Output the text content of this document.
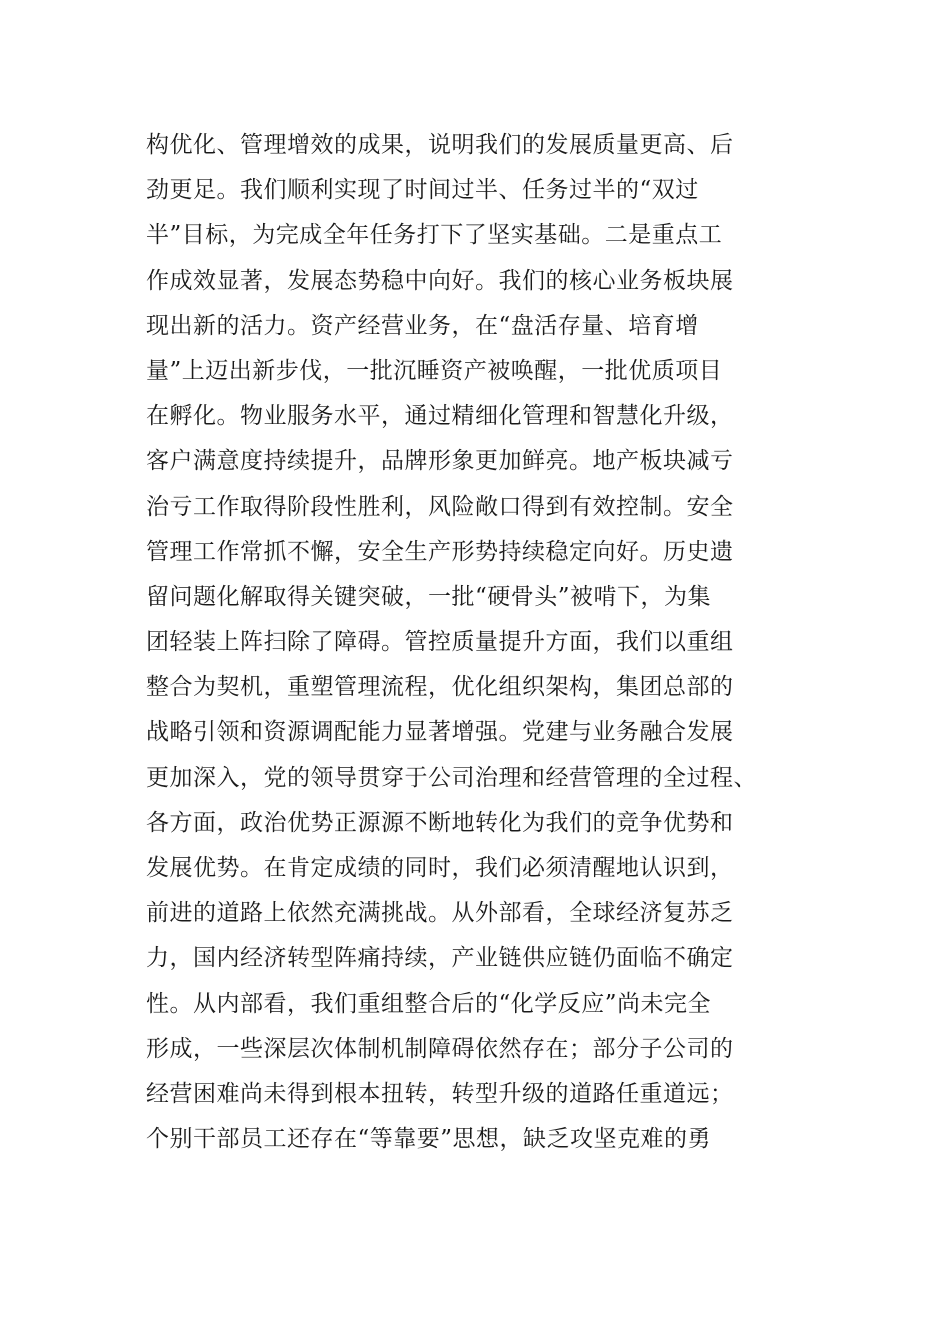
构优化、管理增效的成果，说明我们的发展质量更高、后
劲更足。我们顺利实现了时间过半、任务过半的“双过
半”目标，为完成全年任务打下了坚实基础。二是重点工
作成效显著，发展态势稳中向好。我们的核心业务板块展
现出新的活力。资产经营业务，在“盘活存量、培育增
量”上迈出新步伐，一批沉睡资产被唤醒，一批优质项目
在孵化。物业服务水平，通过精细化管理和智慧化升级，
客户满意度持续提升，品牌形象更加鲜亮。地产板块减亏
治亏工作取得阶段性胜利，风险敞口得到有效控制。安全
管理工作常抓不懈，安全生产形势持续稳定向好。历史遗
留问题化解取得关键突破，一批“硬骨头”被啃下，为集
团轻装上阵扫除了障碍。管控质量提升方面，我们以重组
整合为契机，重塑管理流程，优化组织架构，集团总部的
战略引领和资源调配能力显著增强。党建与业务融合发展
更加深入，党的领导贯穿于公司治理和经营管理的全过程、
各方面，政治优势正源源不断地转化为我们的竞争优势和
发展优势。在肯定成绩的同时，我们必须清醒地认识到，
前进的道路上依然充满挑战。从外部看，全球经济复苏乏
力，国内经济转型阵痛持续，产业链供应链仍面临不确定
性。从内部看，我们重组整合后的“化学反应”尚未完全
形成，一些深层次体制机制障碍依然存在；部分子公司的
经营困难尚未得到根本扭转，转型升级的道路任重道远；
个别干部员工还存在“等靠要”思想，缺乏攻坚克难的勇
